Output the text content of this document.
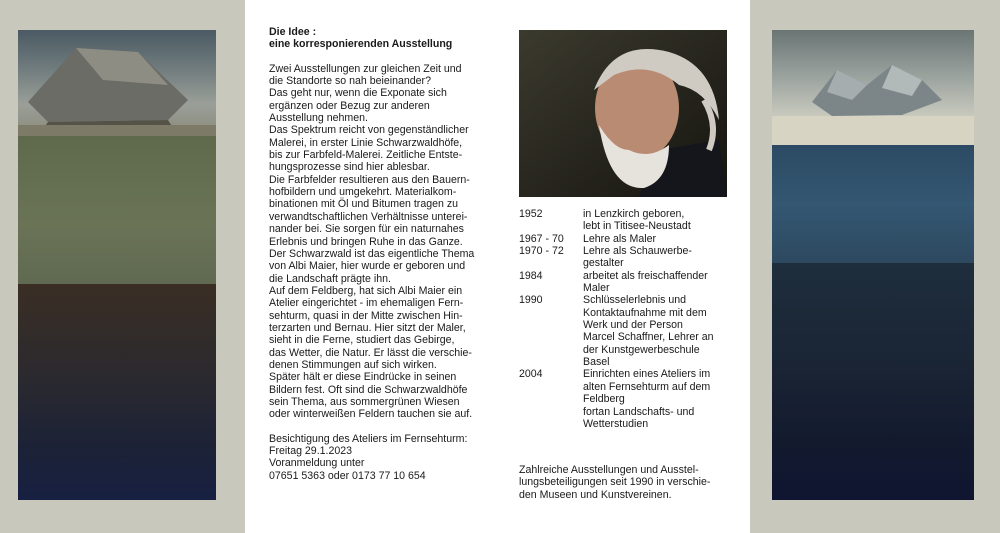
Die Idee :
eine korresponierenden Ausstellung
Zwei Ausstellungen zur gleichen Zeit und
die Standorte so nah beieinander?
Das geht nur, wenn die Exponate sich
ergänzen oder Bezug zur anderen
Ausstellung nehmen.
Das Spektrum reicht von gegenständlicher
Malerei, in erster Linie Schwarzwaldhöfe,
bis zur Farbfeld-Malerei. Zeitliche Entste-
hungsprozesse sind hier ablesbar.
Die Farbfelder resultieren aus den Bauern-
hofbildern und umgekehrt. Materialkom-
binationen mit Öl und Bitumen tragen zu
verwandtschaftlichen Verhältnisse unterei-
nander bei. Sie sorgen für ein naturnahes
Erlebnis und bringen Ruhe in das Ganze.
Der Schwarzwald ist das eigentliche Thema
von Albi Maier, hier wurde er geboren und
die Landschaft prägte ihn.
Auf dem Feldberg, hat sich Albi Maier ein
Atelier eingerichtet - im ehemaligen Fern-
sehturm, quasi in der Mitte zwischen Hin-
terzarten und Bernau. Hier sitzt der Maler,
sieht in die Ferne, studiert das Gebirge,
das Wetter, die Natur. Er lässt die verschie-
denen Stimmungen auf sich wirken.
Später hält er diese Eindrücke in seinen
Bildern fest. Oft sind die Schwarzwaldhöfe
sein Thema, aus sommergrünen Wiesen
oder winterweißen Feldern tauchen sie auf.
Besichtigung des Ateliers im Fernsehturm:
Freitag 29.1.2023
Voranmeldung unter
07651 5363 oder 0173 77 10 654
1952	in Lenzkirch geboren,
lebt in Titisee-Neustadt
1967 - 70	Lehre als Maler
1970 - 72	Lehre als Schauwerbe-
gestalter
1984	arbeitet als freischaffender
Maler
1990	Schlüsselerlebnis und
Kontaktaufnahme mit dem
Werk und der Person
Marcel Schaffner, Lehrer an
der Kunstgewerbeschule
Basel
2004	Einrichten eines Ateliers im
alten Fernsehturm auf dem
Feldberg
fortan Landschafts- und
Wetterstudien
Zahlreiche Ausstellungen und Ausstel-
lungsbeteiligungen seit 1990 in verschie-
den Museen und Kunstvereinen.
